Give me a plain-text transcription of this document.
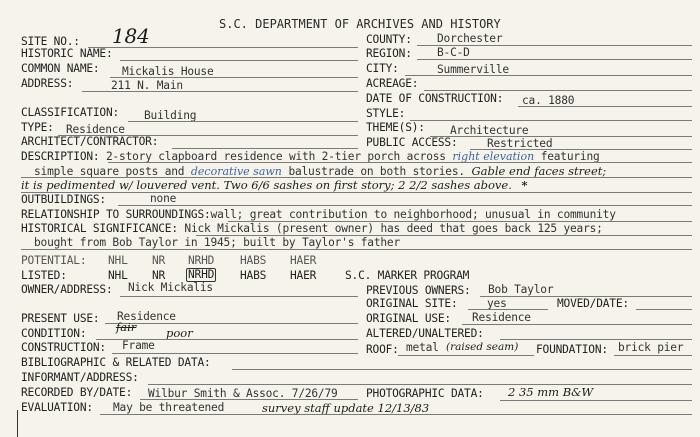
S.C. DEPARTMENT OF ARCHIVES AND HISTORY
SITE NO.: 184	COUNTY: Dorchester
HISTORIC NAME:	REGION: B-C-D
COMMON NAME: Mickalis House	CITY:	Summerville
ADDRESS:	211 N. Main	ACREAGE:
DATE OF CONSTRUCTION: ca. 1880
CLASSIFICATION: Building	STYLE:
TYPE: Residence	THEME(S): Architecture
ARCHITECT/CONTRACTOR:	PUBLIC ACCESS:	Restricted
DESCRIPTION: 2-story clapboard residence with 2-tier porch across right elevation featuring
simple square posts and decorative sawn balustrade on both stories. Gable end faces street;
it is pedimented w/ louvered vent. Two 6/6 sashes on first story; 2 2/2 sashes above. *
OUTBUILDINGS:	none
RELATIONSHIP TO SURROUNDINGS:wall; great contribution to neighborhood; unusual in community
HISTORICAL SIGNIFICANCE: Nick Mickalis (present owner) has deed that goes back 125 years;
bought from Bob Taylor in 1945; built by Taylor's father
POTENTIAL: NHL NR NRHD HABS HAER
LISTED:	NHL NR NRHD HABS HAER	S.C. MARKER PROGRAM
OWNER/ADDRESS: Nick Mickalis	PREVIOUS OWNERS: Bob Taylor
ORIGINAL SITE:	yes	MOVED/DATE:
PRESENT USE: Residence	ORIGINAL USE: Residence
CONDITION:	fair	poor	ALTERED/UNALTERED:
CONSTRUCTION: Frame	ROOF: metal (raised seam) FOUNDATION: brick pier
BIBLIOGRAPHIC & RELATED DATA:
INFORMANT/ADDRESS:
RECORDED BY/DATE: Wilbur Smith & Assoc. 7/26/79	PHOTOGRAPHIC DATA: 2 35 mm B&W
EVALUATION: May be threatened	survey staff update 12/13/83
